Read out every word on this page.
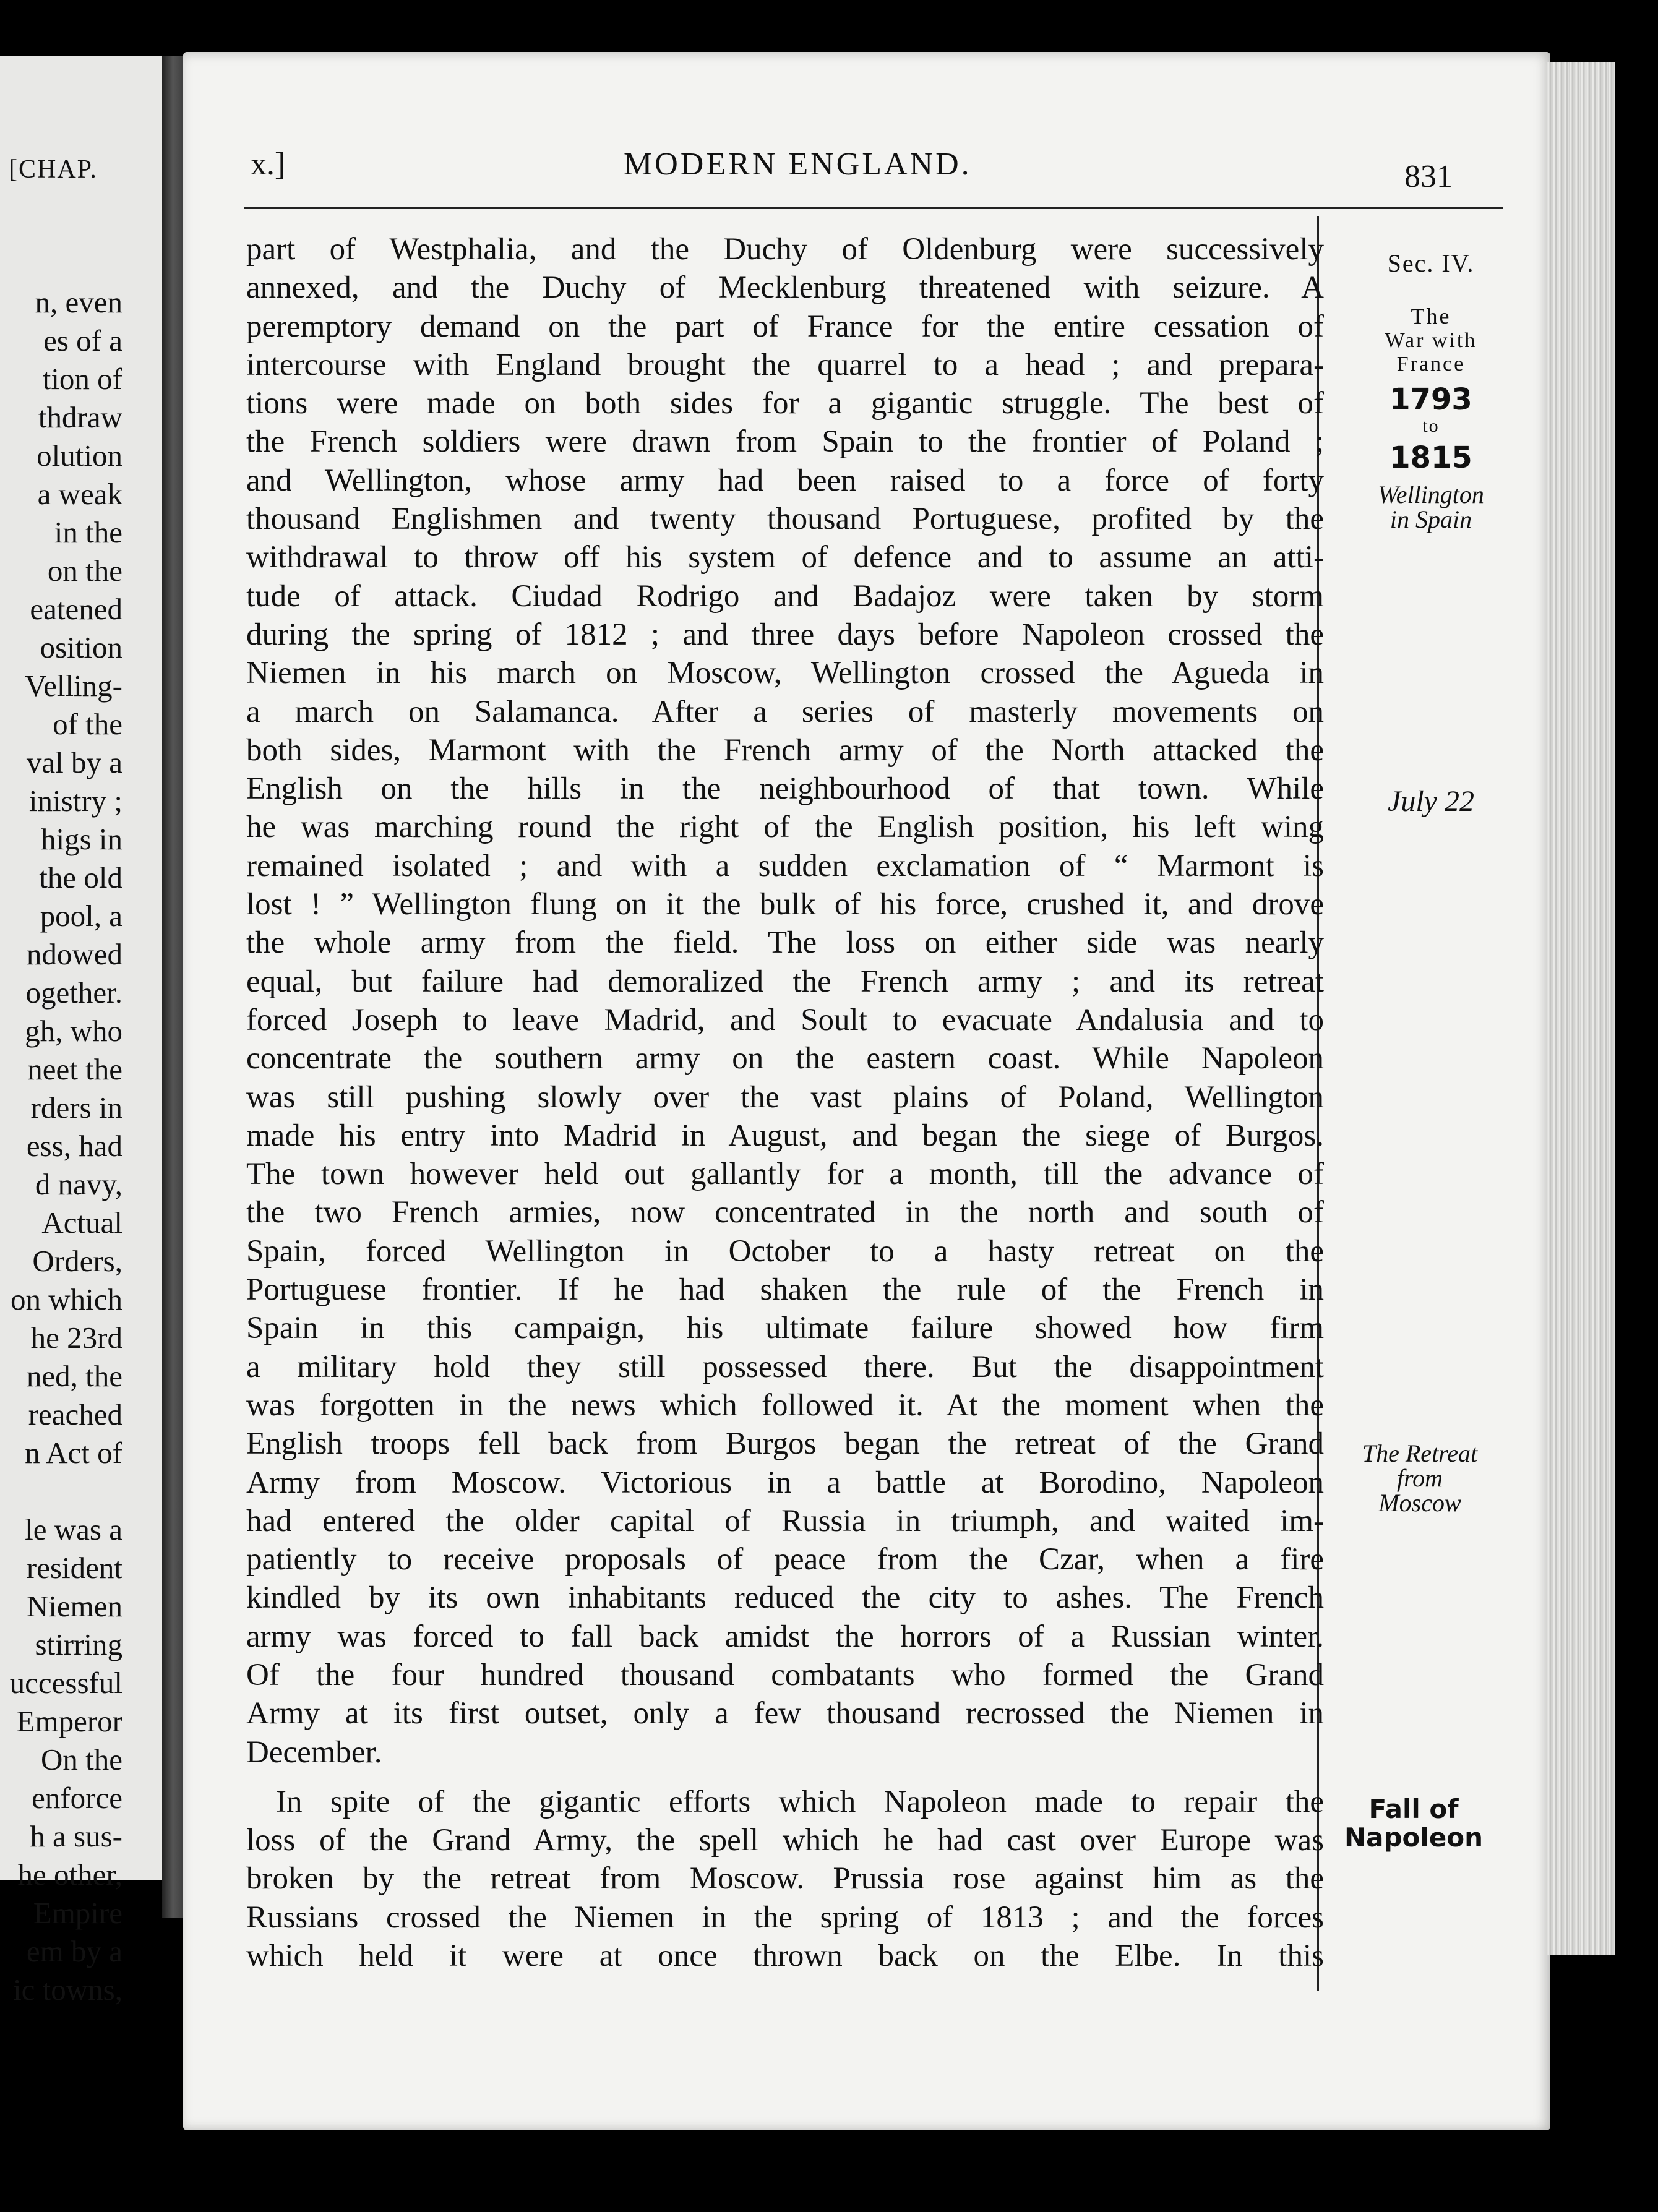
[CHAP.
n, even
es of a
tion of
thdraw
olution
a weak
in the
on the
eatened
osition
Velling-
of the
val by a
inistry ;
higs in
the old
pool, a
ndowed
ogether.
gh, who
neet the
rders in
ess, had
d navy,
Actual
Orders,
on which
he 23rd
ned, the
reached
n Act of
le was a
resident
Niemen
stirring
uccessful
Emperor
On the
enforce
h a sus-
he other,
Empire
em by a
ic towns,
x.]	MODERN ENGLAND.	831
part of Westphalia, and the Duchy of Oldenburg were successively
annexed, and the Duchy of Mecklenburg threatened with seizure. A
peremptory demand on the part of France for the entire cessation of
intercourse with England brought the quarrel to a head ; and prepara-
tions were made on both sides for a gigantic struggle. The best of
the French soldiers were drawn from Spain to the frontier of Poland ;
and Wellington, whose army had been raised to a force of forty
thousand Englishmen and twenty thousand Portuguese, profited by the
withdrawal to throw off his system of defence and to assume an atti-
tude of attack. Ciudad Rodrigo and Badajoz were taken by storm
during the spring of 1812 ; and three days before Napoleon crossed the
Niemen in his march on Moscow, Wellington crossed the Agueda in
a march on Salamanca. After a series of masterly movements on
both sides, Marmont with the French army of the North attacked the
English on the hills in the neighbourhood of that town. While
he was marching round the right of the English position, his left wing
remained isolated ; and with a sudden exclamation of “ Marmont is
lost ! ” Wellington flung on it the bulk of his force, crushed it, and drove
the whole army from the field. The loss on either side was nearly
equal, but failure had demoralized the French army ; and its retreat
forced Joseph to leave Madrid, and Soult to evacuate Andalusia and to
concentrate the southern army on the eastern coast. While Napoleon
was still pushing slowly over the vast plains of Poland, Wellington
made his entry into Madrid in August, and began the siege of Burgos.
The town however held out gallantly for a month, till the advance of
the two French armies, now concentrated in the north and south of
Spain, forced Wellington in October to a hasty retreat on the
Portuguese frontier. If he had shaken the rule of the French in
Spain in this campaign, his ultimate failure showed how firm
a military hold they still possessed there. But the disappointment
was forgotten in the news which followed it. At the moment when the
English troops fell back from Burgos began the retreat of the Grand
Army from Moscow. Victorious in a battle at Borodino, Napoleon
had entered the older capital of Russia in triumph, and waited im-
patiently to receive proposals of peace from the Czar, when a fire
kindled by its own inhabitants reduced the city to ashes. The French
army was forced to fall back amidst the horrors of a Russian winter.
Of the four hundred thousand combatants who formed the Grand
Army at its first outset, only a few thousand recrossed the Niemen in
December.
In spite of the gigantic efforts which Napoleon made to repair the
loss of the Grand Army, the spell which he had cast over Europe was
broken by the retreat from Moscow. Prussia rose against him as the
Russians crossed the Niemen in the spring of 1813 ; and the forces
which held it were at once thrown back on the Elbe. In this
Sec. IV.
The
War with
France
1793
to
1815
Wellington
in Spain
July 22
The Retreat
from
Moscow
Fall of
Napoleon
